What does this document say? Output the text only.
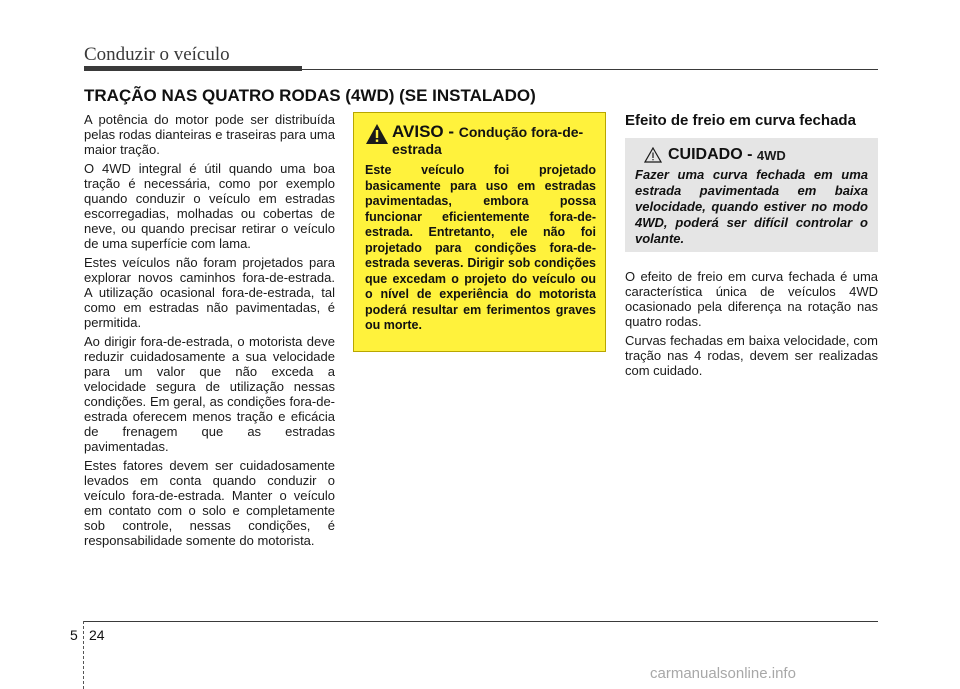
Conduzir o veículo
TRAÇÃO NAS QUATRO RODAS (4WD) (SE INSTALADO)

A potência do motor pode ser distribuída pelas rodas dianteiras e traseiras para uma maior tração.

O 4WD integral é útil quando uma boa tração é necessária, como por exemplo quando conduzir o veículo em estradas escorregadias, molhadas ou cobertas de neve, ou quando precisar retirar o veículo de uma superfície com lama.

Estes veículos não foram projetados para explorar novos caminhos fora-de-estrada. A utilização ocasional fora-de-estrada, tal como em estradas não pavimentadas, é permitida.

Ao dirigir fora-de-estrada, o motorista deve reduzir cuidadosamente a sua velocidade para um valor que não exceda a velocidade segura de utilização nessas condições. Em geral, as condições fora-de-estrada oferecem menos tração e eficácia de frenagem que as estradas pavimentadas.

Estes fatores devem ser cuidadosamente levados em conta quando conduzir o veículo fora-de-estrada. Manter o veículo em contato com o solo e completamente sob controle, nessas condições, é responsabilidade somente do motorista.

AVISO - Condução fora-de-estrada
Este veículo foi projetado basicamente para uso em estradas pavimentadas, embora possa funcionar eficientemente fora-de-estrada. Entretanto, ele não foi projetado para condições fora-de-estrada severas. Dirigir sob condições que excedam o projeto do veículo ou o nível de experiência do motorista poderá resultar em ferimentos graves ou morte.
Efeito de freio em curva fechada
CUIDADO -
4WD
Fazer uma curva fechada em uma estrada pavimentada em baixa velocidade, quando estiver no modo 4WD, poderá ser difícil controlar o volante.

O efeito de freio em curva fechada é uma característica única de veículos 4WD ocasionado pela diferença na rotação nas quatro rodas.

Curvas fechadas em baixa velocidade, com tração nas 4 rodas, devem ser realizadas com cuidado.

5 24
carmanualsonline.info
